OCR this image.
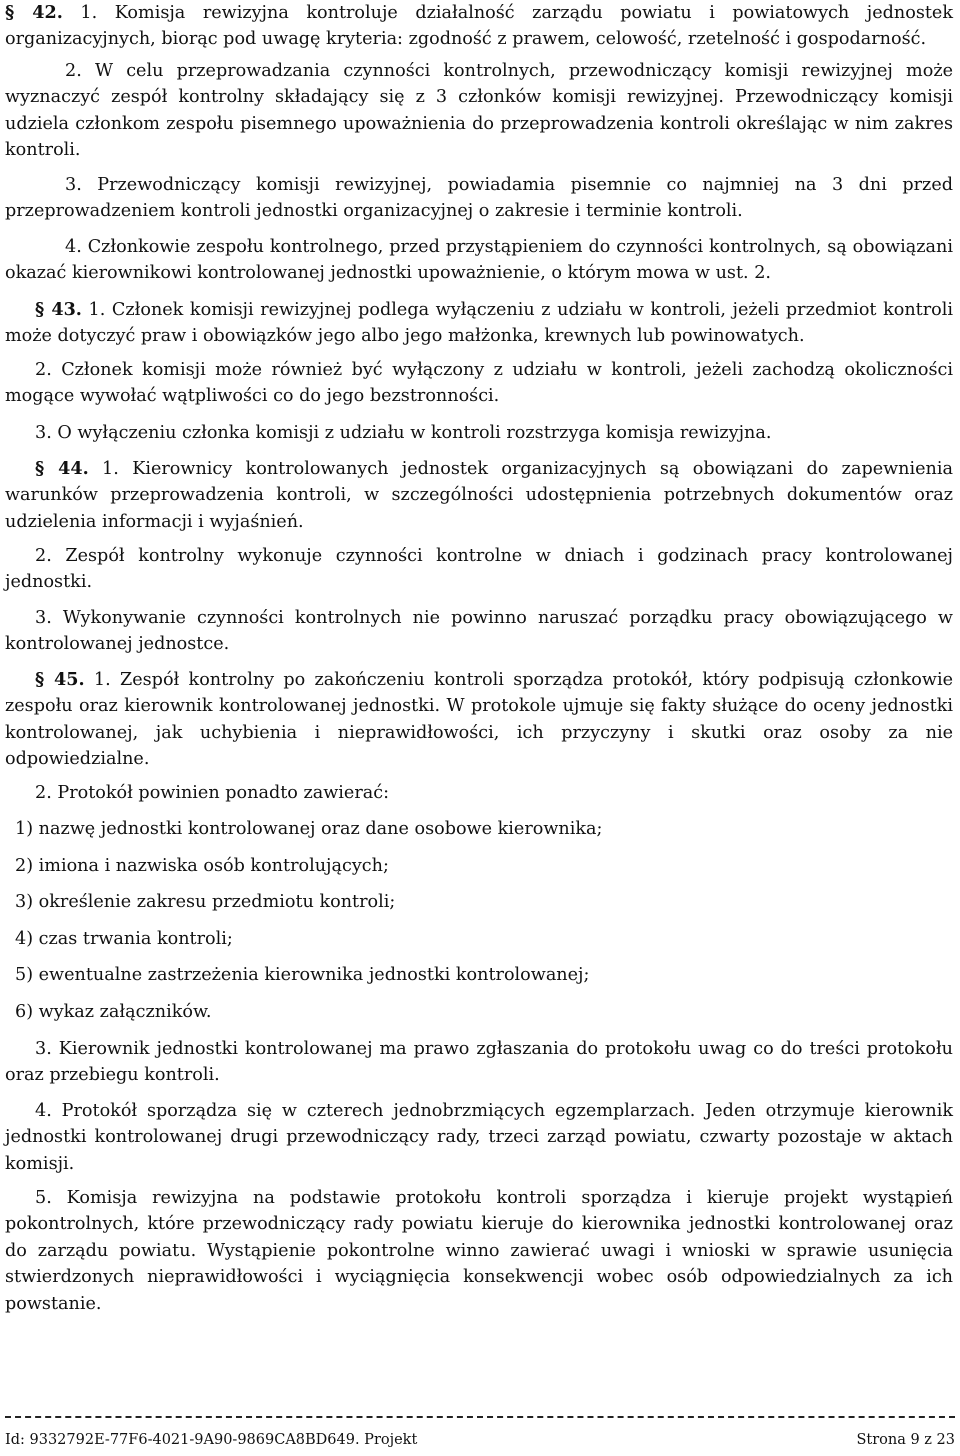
§ 42. 1. Komisja rewizyjna kontroluje działalność zarządu powiatu i powiatowych jednostek organizacyjnych, biorąc pod uwagę kryteria: zgodność z prawem, celowość, rzetelność i gospodarność.

2. W celu przeprowadzania czynności kontrolnych, przewodniczący komisji rewizyjnej może wyznaczyć zespół kontrolny składający się z 3 członków komisji rewizyjnej. Przewodniczący komisji udziela członkom zespołu pisemnego upoważnienia do przeprowadzenia kontroli określając w nim zakres kontroli.

3. Przewodniczący komisji rewizyjnej, powiadamia pisemnie co najmniej na 3 dni przed przeprowadzeniem kontroli jednostki organizacyjnej o zakresie i terminie kontroli.

4. Członkowie zespołu kontrolnego, przed przystąpieniem do czynności kontrolnych, są obowiązani okazać kierownikowi kontrolowanej jednostki upoważnienie, o którym mowa w ust. 2.

§ 43. 1. Członek komisji rewizyjnej podlega wyłączeniu z udziału w kontroli, jeżeli przedmiot kontroli może dotyczyć praw i obowiązków jego albo jego małżonka, krewnych lub powinowatych.

2. Członek komisji może również być wyłączony z udziału w kontroli, jeżeli zachodzą okoliczności mogące wywołać wątpliwości co do jego bezstronności.

3. O wyłączeniu członka komisji z udziału w kontroli rozstrzyga komisja rewizyjna.

§ 44. 1. Kierownicy kontrolowanych jednostek organizacyjnych są obowiązani do zapewnienia warunków przeprowadzenia kontroli, w szczególności udostępnienia potrzebnych dokumentów oraz udzielenia informacji i wyjaśnień.

2. Zespół kontrolny wykonuje czynności kontrolne w dniach i godzinach pracy kontrolowanej jednostki.

3. Wykonywanie czynności kontrolnych nie powinno naruszać porządku pracy obowiązującego w kontrolowanej jednostce.

§ 45. 1. Zespół kontrolny po zakończeniu kontroli sporządza protokół, który podpisują członkowie zespołu oraz kierownik kontrolowanej jednostki. W protokole ujmuje się fakty służące do oceny jednostki kontrolowanej, jak uchybienia i nieprawidłowości, ich przyczyny i skutki oraz osoby za nie odpowiedzialne.

2. Protokół powinien ponadto zawierać:

1) nazwę jednostki kontrolowanej oraz dane osobowe kierownika;

2) imiona i nazwiska osób kontrolujących;

3) określenie zakresu przedmiotu kontroli;

4) czas trwania kontroli;

5) ewentualne zastrzeżenia kierownika jednostki kontrolowanej;

6) wykaz załączników.

3. Kierownik jednostki kontrolowanej ma prawo zgłaszania do protokołu uwag co do treści protokołu oraz przebiegu kontroli.

4. Protokół sporządza się w czterech jednobrzmiących egzemplarzach. Jeden otrzymuje kierownik jednostki kontrolowanej drugi przewodniczący rady, trzeci zarząd powiatu, czwarty pozostaje w aktach komisji.

5. Komisja rewizyjna na podstawie protokołu kontroli sporządza i kieruje projekt wystąpień pokontrolnych, które przewodniczący rady powiatu kieruje do kierownika jednostki kontrolowanej oraz do zarządu powiatu. Wystąpienie pokontrolne winno zawierać uwagi i wnioski w sprawie usunięcia stwierdzonych nieprawidłowości i wyciągnięcia konsekwencji wobec osób odpowiedzialnych za ich powstanie.

Id: 9332792E-77F6-4021-9A90-9869CA8BD649. Projekt	Strona 9 z 23
